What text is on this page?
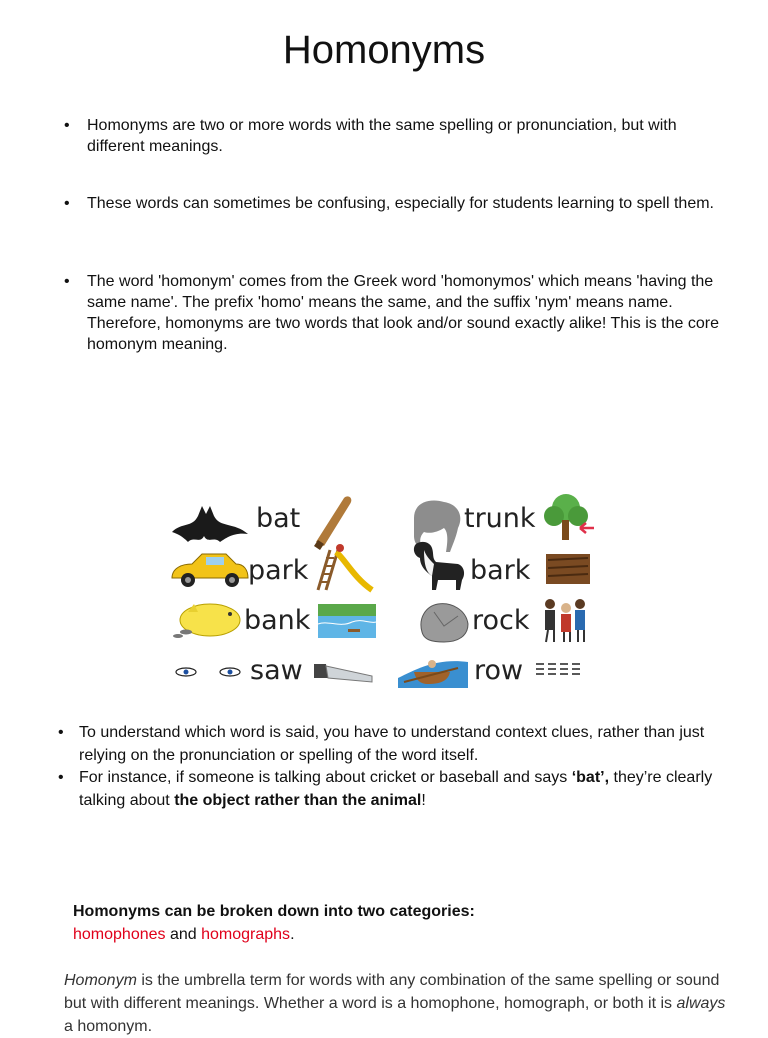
Homonyms
• Homonyms are two or more words with the same spelling or pronunciation, but with different meanings.
• These words can sometimes be confusing, especially for students learning to spell them.
• The word 'homonym' comes from the Greek word 'homonymos' which means 'having the same name'. The prefix 'homo' means the same, and the suffix 'nym' means name. Therefore, homonyms are two words that look and/or sound exactly alike! This is the core homonym meaning.
bat
park
bank
saw
trunk
bark
rock
row
• To understand which word is said, you have to understand context clues, rather than just relying on the pronunciation or spelling of the word itself.
• For instance, if someone is talking about cricket or baseball and says ‘bat’, they’re clearly talking about the object rather than the animal!
Homonyms can be broken down into two categories:
homophones and homographs.
Homonym is the umbrella term for words with any combination of the same spelling or sound but with different meanings. Whether a word is a homophone, homograph, or both it is always a homonym.
